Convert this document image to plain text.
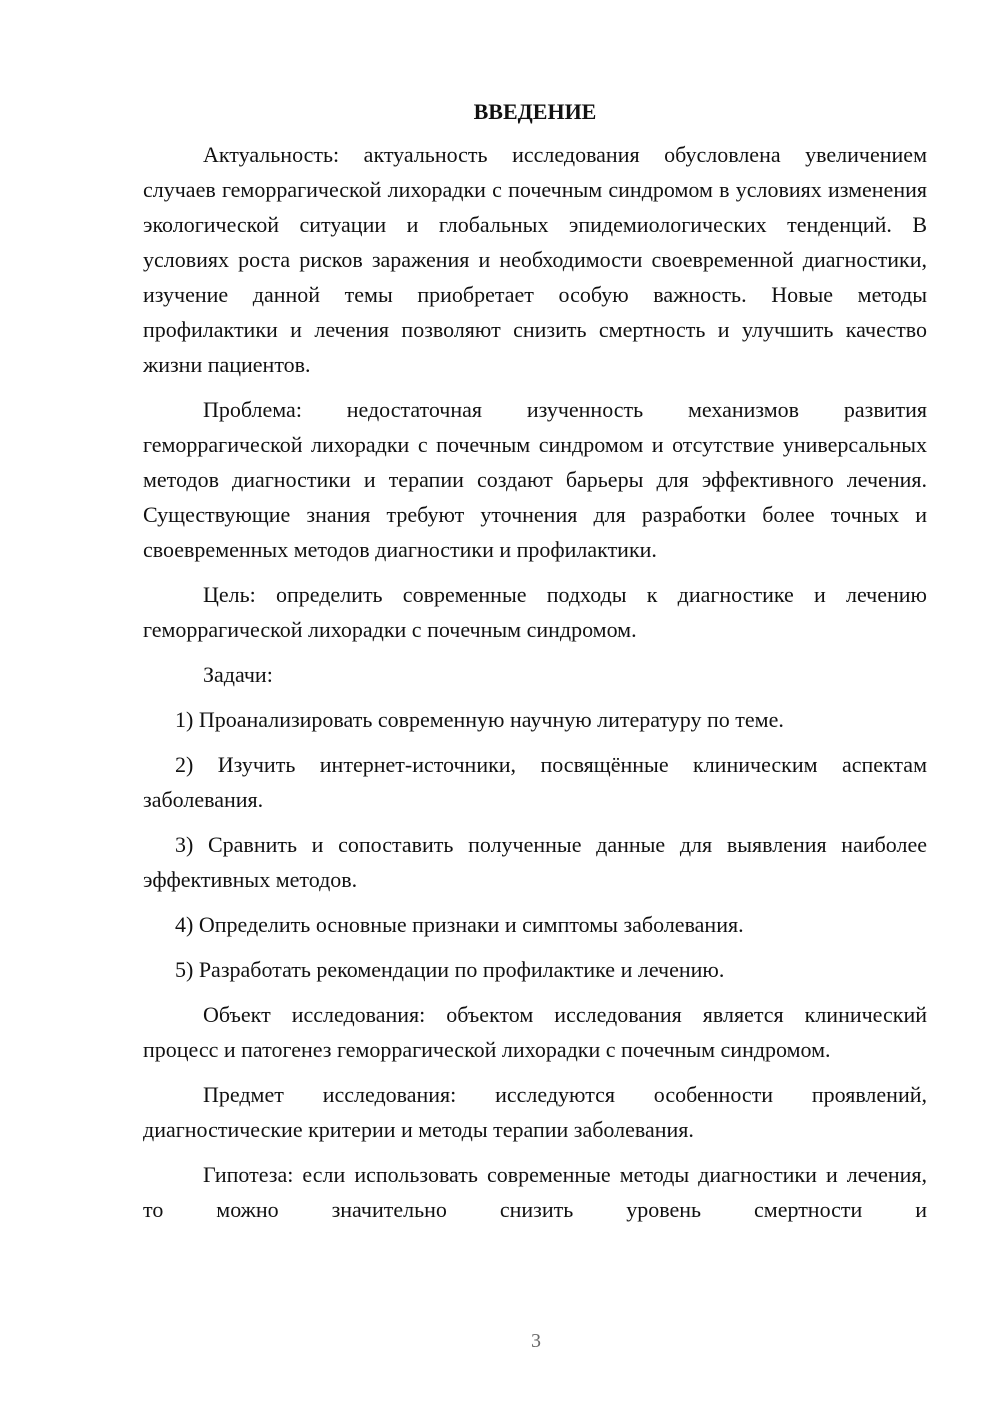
ВВЕДЕНИЕ

Актуальность: актуальность исследования обусловлена увеличением случаев геморрагической лихорадки с почечным синдромом в условиях изменения экологической ситуации и глобальных эпидемиологических тенденций. В условиях роста рисков заражения и необходимости своевременной диагностики, изучение данной темы приобретает особую важность. Новые методы профилактики и лечения позволяют снизить смертность и улучшить качество жизни пациентов.

Проблема: недостаточная изученность механизмов развития геморрагической лихорадки с почечным синдромом и отсутствие универсальных методов диагностики и терапии создают барьеры для эффективного лечения. Существующие знания требуют уточнения для разработки более точных и своевременных методов диагностики и профилактики.

Цель: определить современные подходы к диагностике и лечению геморрагической лихорадки с почечным синдромом.

Задачи:

1) Проанализировать современную научную литературу по теме.

2) Изучить интернет-источники, посвящённые клиническим аспектам заболевания.

3) Сравнить и сопоставить полученные данные для выявления наиболее эффективных методов.

4) Определить основные признаки и симптомы заболевания.

5) Разработать рекомендации по профилактике и лечению.

Объект исследования: объектом исследования является клинический процесс и патогенез геморрагической лихорадки с почечным синдромом.

Предмет исследования: исследуются особенности проявлений, диагностические критерии и методы терапии заболевания.

Гипотеза: если использовать современные методы диагностики и лечения, то можно значительно снизить уровень смертности и

3
